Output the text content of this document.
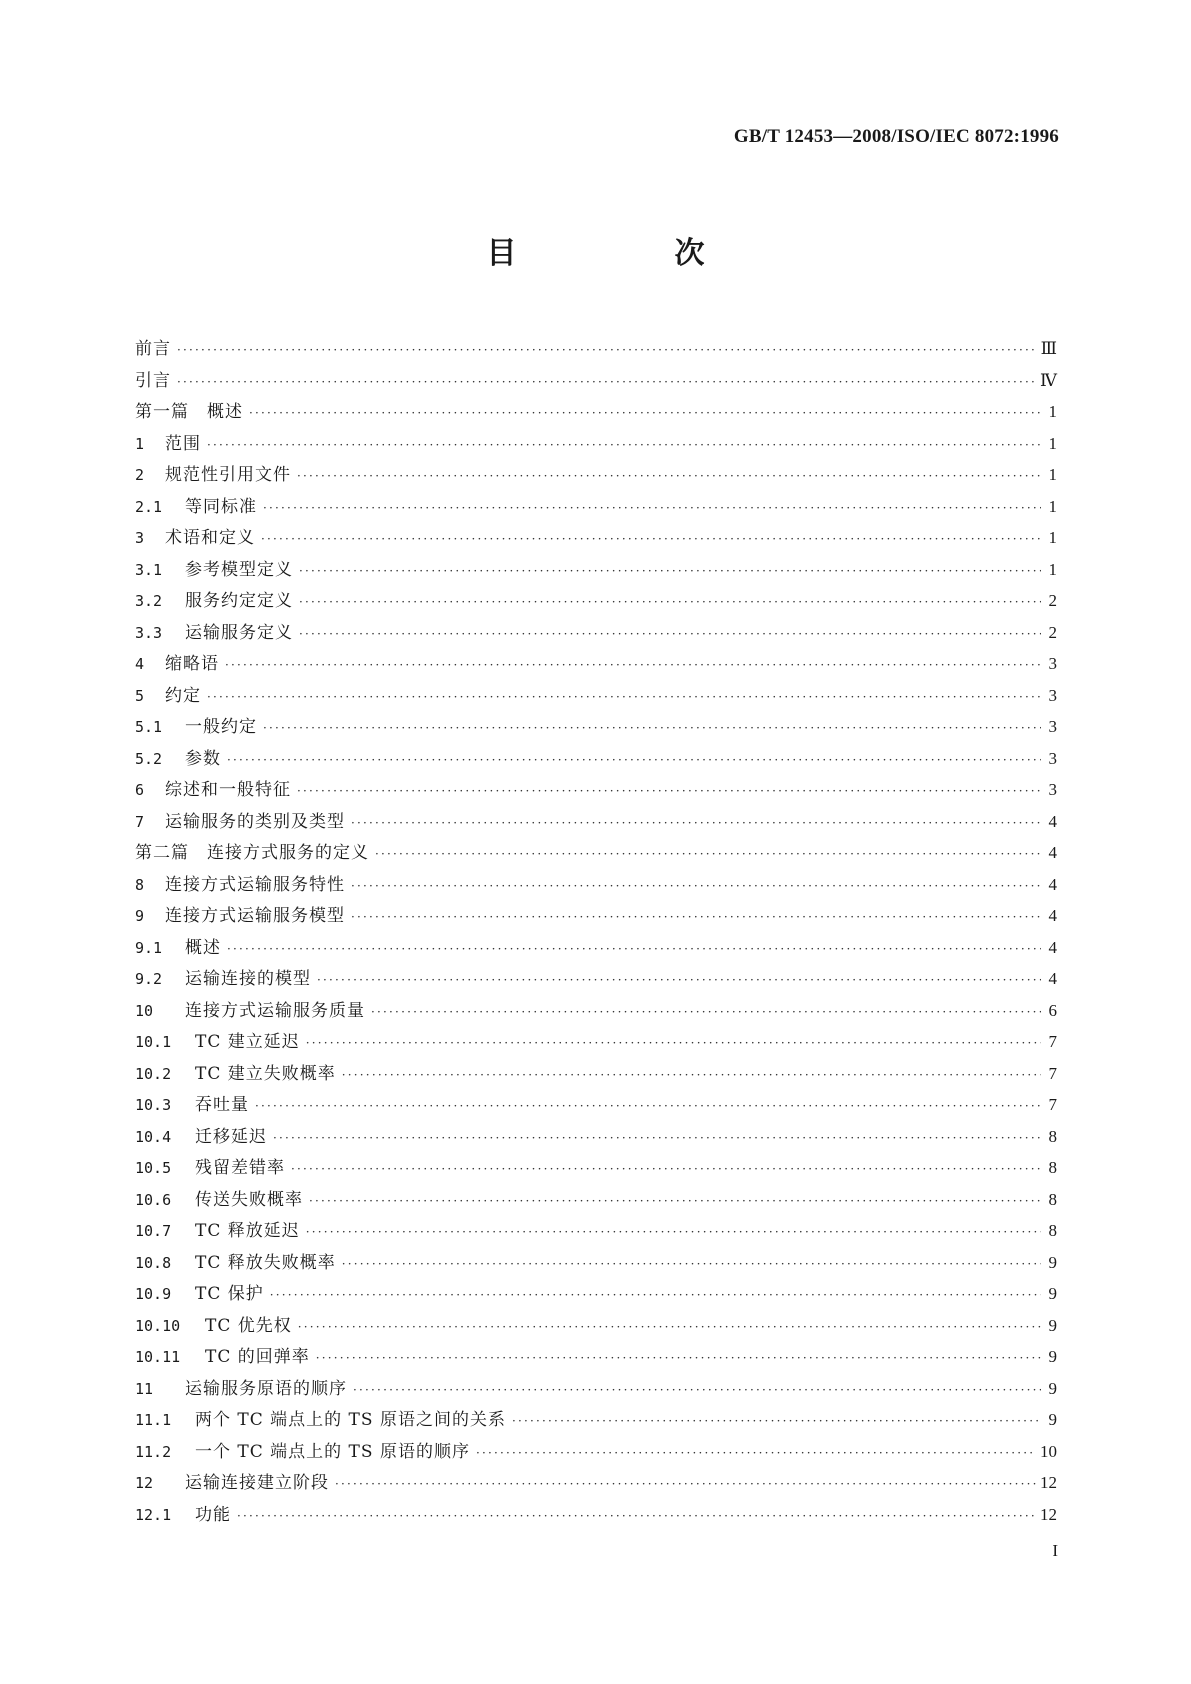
GB/T 12453—2008/ISO/IEC 8072:1996
目　次
前言 ·····	Ⅲ
引言 ·····	Ⅳ
第一篇　概述 ·····	1
1	范围 ·····	1
2	规范性引用文件 ·····	1
2.1	等同标准 ·····	1
3	术语和定义 ·····	1
3.1	参考模型定义 ·····	1
3.2	服务约定定义 ·····	2
3.3	运输服务定义 ·····	2
4	缩略语 ·····	3
5	约定 ·····	3
5.1	一般约定 ·····	3
5.2	参数 ·····	3
6	综述和一般特征 ·····	3
7	运输服务的类别及类型 ·····	4
第二篇　连接方式服务的定义 ·····	4
8	连接方式运输服务特性 ·····	4
9	连接方式运输服务模型 ·····	4
9.1	概述 ·····	4
9.2	运输连接的模型 ·····	4
10	连接方式运输服务质量 ·····	6
10.1	TC 建立延迟 ·····	7
10.2	TC 建立失败概率 ·····	7
10.3	吞吐量 ·····	7
10.4	迁移延迟 ·····	8
10.5	残留差错率 ·····	8
10.6	传送失败概率 ·····	8
10.7	TC 释放延迟 ·····	8
10.8	TC 释放失败概率 ·····	9
10.9	TC 保护 ·····	9
10.10	TC 优先权 ·····	9
10.11	TC 的回弹率 ·····	9
11	运输服务原语的顺序 ·····	9
11.1	两个 TC 端点上的 TS 原语之间的关系 ·····	9
11.2	一个 TC 端点上的 TS 原语的顺序 ·····	10
12	运输连接建立阶段 ·····	12
12.1	功能 ·····	12
I
